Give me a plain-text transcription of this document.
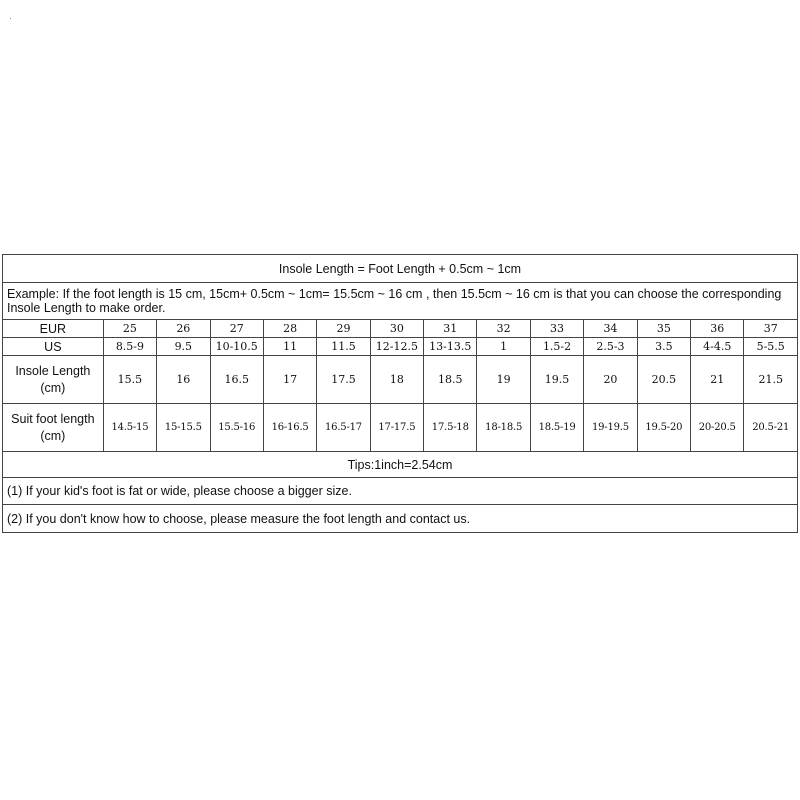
Insole Length = Foot Length + 0.5cm ~ 1cm													
Example: If the foot length is 15 cm, 15cm+ 0.5cm ~ 1cm= 15.5cm ~ 16 cm , then 15.5cm ~ 16 cm is that you can choose the corresponding Insole Length to make order.													
EUR	25	26	27	28	29	30	31	32	33	34	35	36	37
US	8.5-9	9.5	10-10.5	11	11.5	12-12.5	13-13.5	1	1.5-2	2.5-3	3.5	4-4.5	5-5.5
Insole Length
(cm)	15.5	16	16.5	17	17.5	18	18.5	19	19.5	20	20.5	21	21.5
Suit foot length
(cm)	14.5-15	15-15.5	15.5-16	16-16.5	16.5-17	17-17.5	17.5-18	18-18.5	18.5-19	19-19.5	19.5-20	20-20.5	20.5-21
Tips:1inch=2.54cm													
(1) If your kid's foot is fat or wide, please choose a bigger size.													
(2) If you don't know how to choose, please measure the foot length and contact us.													
